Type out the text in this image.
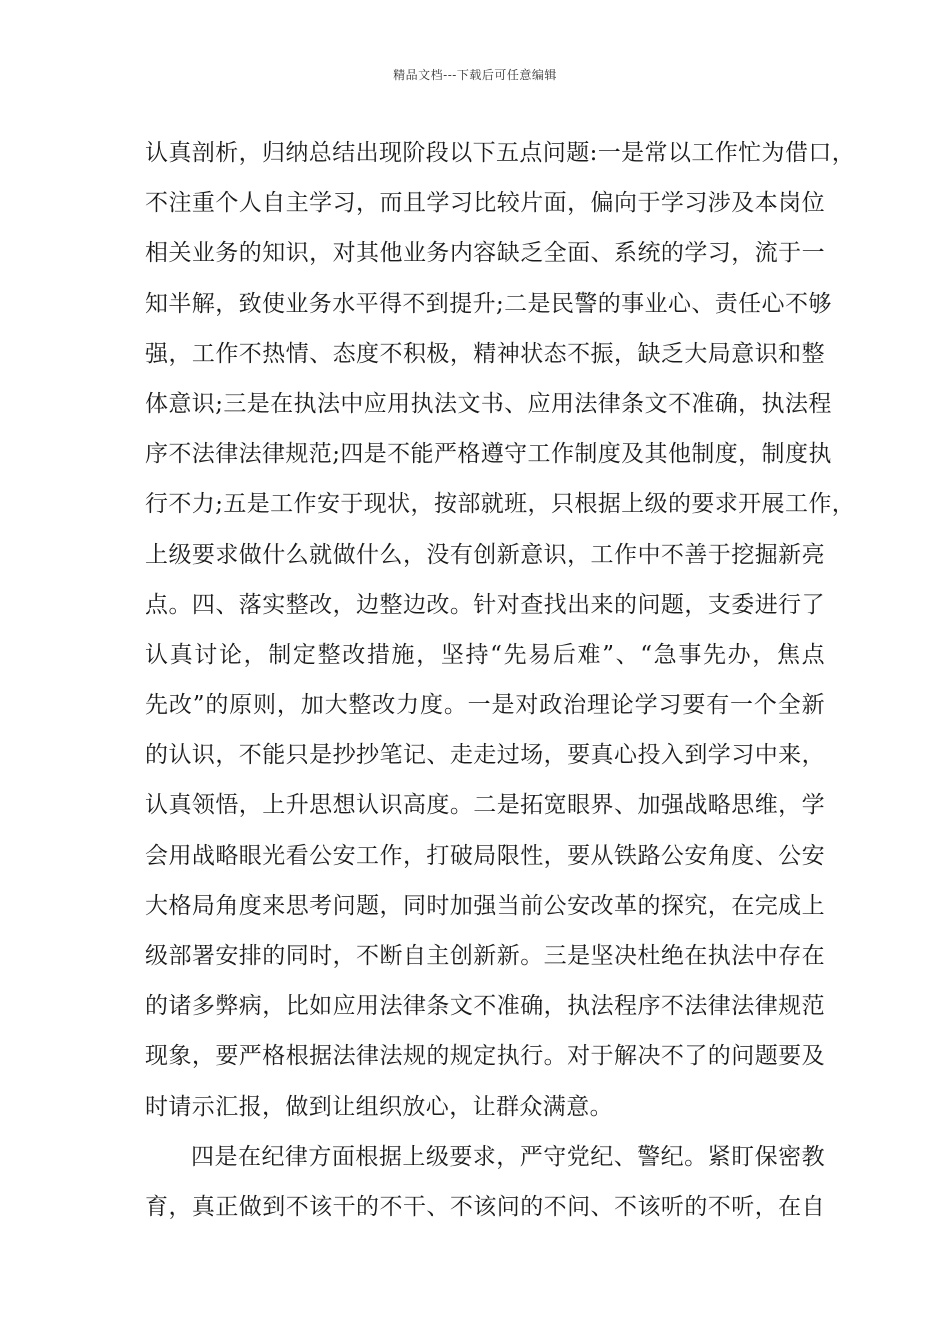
精品文档---下载后可任意编辑
认真剖析，归纳总结出现阶段以下五点问题:一是常以工作忙为借口，
不注重个人自主学习，而且学习比较片面，偏向于学习涉及本岗位
相关业务的知识，对其他业务内容缺乏全面、系统的学习，流于一
知半解，致使业务水平得不到提升;二是民警的事业心、责任心不够
强，工作不热情、态度不积极，精神状态不振，缺乏大局意识和整
体意识;三是在执法中应用执法文书、应用法律条文不准确，执法程
序不法律法律规范;四是不能严格遵守工作制度及其他制度，制度执
行不力;五是工作安于现状，按部就班，只根据上级的要求开展工作，
上级要求做什么就做什么，没有创新意识，工作中不善于挖掘新亮
点。四、落实整改，边整边改。针对查找出来的问题，支委进行了
认真讨论，制定整改措施，坚持“先易后难”、“急事先办，焦点
先改”的原则，加大整改力度。一是对政治理论学习要有一个全新
的认识，不能只是抄抄笔记、走走过场，要真心投入到学习中来，
认真领悟，上升思想认识高度。二是拓宽眼界、加强战略思维，学
会用战略眼光看公安工作，打破局限性，要从铁路公安角度、公安
大格局角度来思考问题，同时加强当前公安改革的探究，在完成上
级部署安排的同时，不断自主创新新。三是坚决杜绝在执法中存在
的诸多弊病，比如应用法律条文不准确，执法程序不法律法律规范
现象，要严格根据法律法规的规定执行。对于解决不了的问题要及
时请示汇报，做到让组织放心，让群众满意。
四是在纪律方面根据上级要求，严守党纪、警纪。紧盯保密教
育，真正做到不该干的不干、不该问的不问、不该听的不听，在自
